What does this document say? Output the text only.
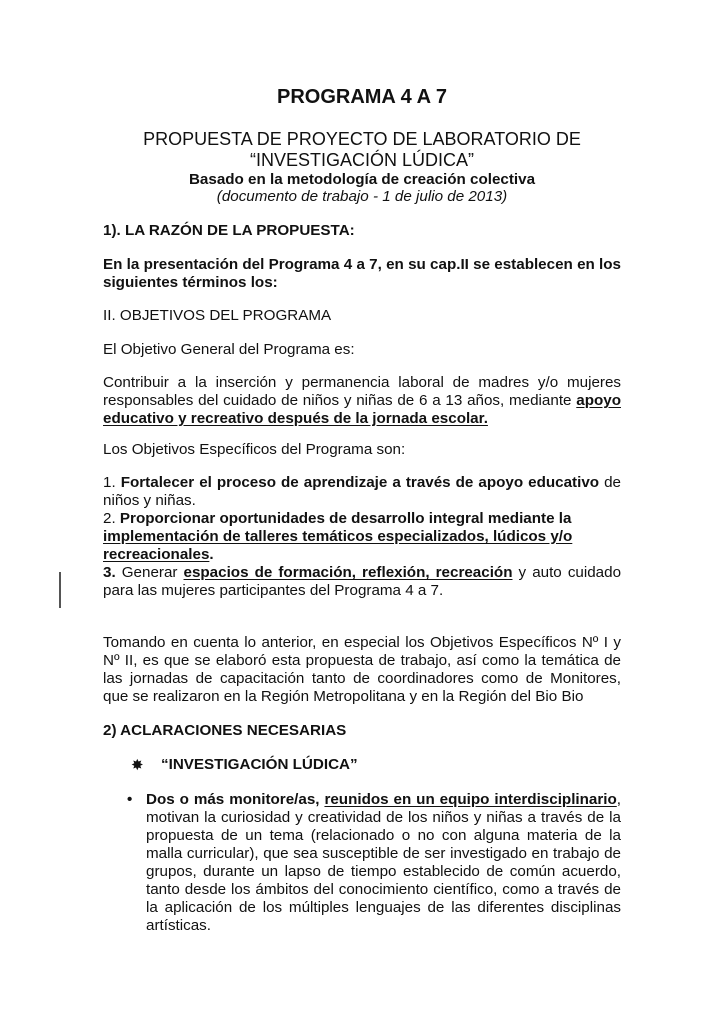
PROGRAMA 4 A 7
PROPUESTA DE PROYECTO DE LABORATORIO DE
“INVESTIGACIÓN LÚDICA”
Basado en la metodología de creación colectiva
(documento de trabajo - 1 de julio de 2013)
1). LA RAZÓN DE LA PROPUESTA:
En la presentación del Programa 4 a 7, en su cap.II se establecen en los siguientes términos los:
II. OBJETIVOS DEL PROGRAMA
El Objetivo General del Programa es:
Contribuir a la inserción y permanencia laboral de madres y/o mujeres responsables del cuidado de niños y niñas de 6 a 13 años, mediante apoyo educativo y recreativo después de la jornada escolar.
Los Objetivos Específicos del Programa son:
1. Fortalecer el proceso de aprendizaje a través de apoyo educativo de niños y niñas.
2. Proporcionar oportunidades de desarrollo integral mediante la
implementación de talleres temáticos especializados, lúdicos y/o recreacionales.
3. Generar espacios de formación, reflexión, recreación y auto cuidado para las mujeres participantes del Programa 4 a 7.
Tomando en cuenta lo anterior, en especial los Objetivos Específicos Nº I y Nº II, es que se elaboró esta propuesta de trabajo, así como la temática de las jornadas de capacitación tanto de coordinadores como de Monitores, que se realizaron en la Región Metropolitana y en la Región del Bio Bio
2) ACLARACIONES NECESARIAS
✸ “INVESTIGACIÓN LÚDICA”
• Dos o más monitore/as, reunidos en un equipo interdisciplinario, motivan la curiosidad y creatividad de los niños y niñas a través de la propuesta de un tema (relacionado o no con alguna materia de la malla curricular), que sea susceptible de ser investigado en trabajo de grupos, durante un lapso de tiempo establecido de común acuerdo, tanto desde los ámbitos del conocimiento científico, como a través de la aplicación de los múltiples lenguajes de las diferentes disciplinas artísticas.
